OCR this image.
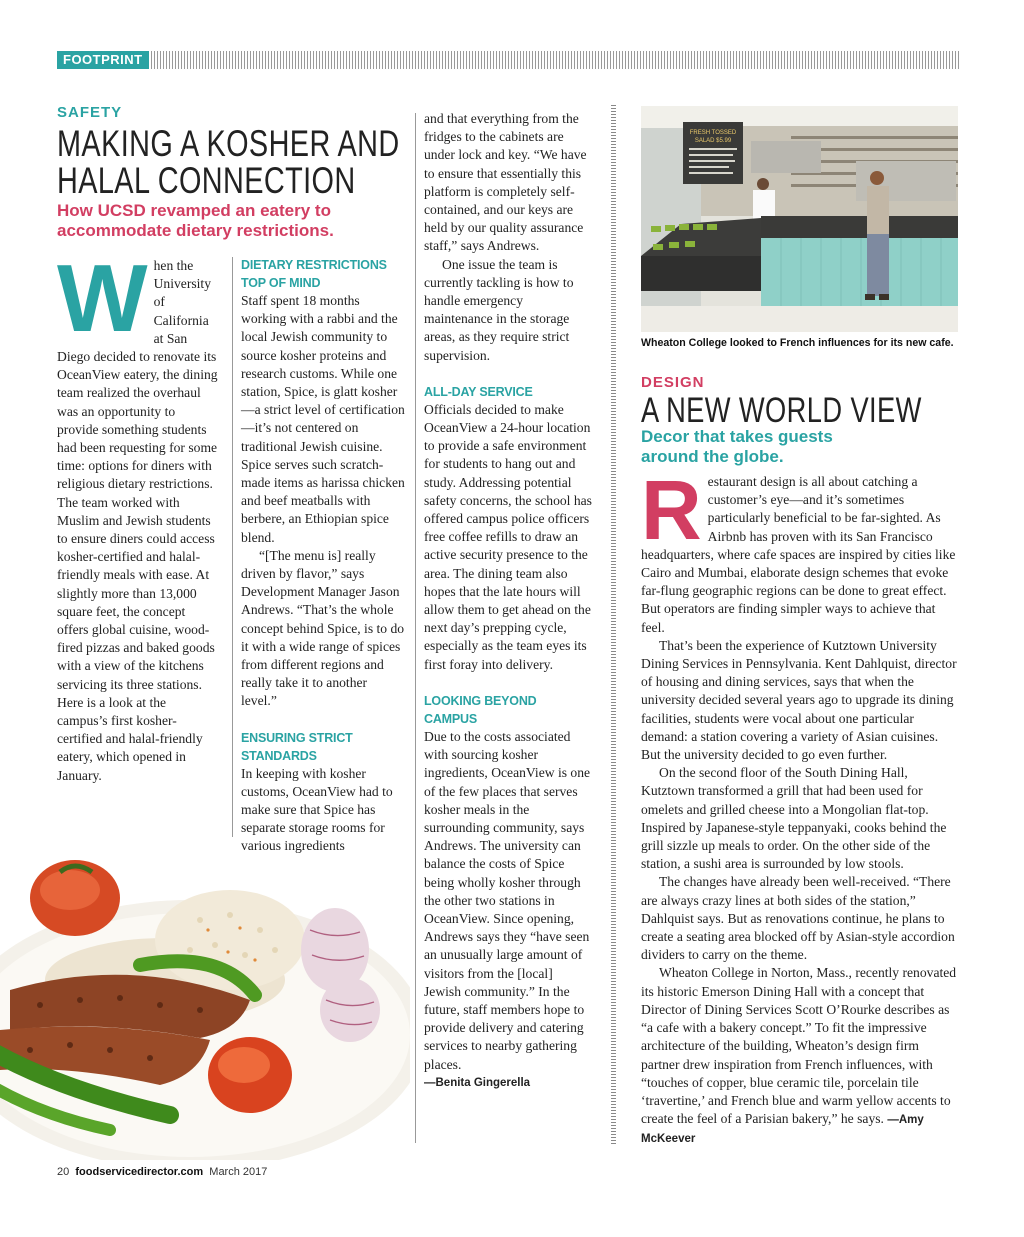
FOOTPRINT
SAFETY
MAKING A KOSHER AND
HALAL CONNECTION
How UCSD revamped an eatery to
accommodate dietary restrictions.

W hen the University of California at San Diego decided to renovate its OceanView eatery, the dining team realized the overhaul was an opportunity to provide something students had been requesting for some time: options for diners with religious dietary restrictions. The team worked with Muslim and Jewish students to ensure diners could access kosher-certified and halal-friendly meals with ease. At slightly more than 13,000 square feet, the concept offers global cuisine, wood-fired pizzas and baked goods with a view of the kitchens servicing its three stations. Here is a look at the campus’s first kosher-certified and halal-friendly eatery, which opened in January.

DIETARY RESTRICTIONS
TOP OF MIND

Staff spent 18 months working with a rabbi and the local Jewish community to source kosher proteins and research customs. While one station, Spice, is glatt kosher—a strict level of certification—it’s not centered on traditional Jewish cuisine. Spice serves such scratch-made items as harissa chicken and beef meatballs with berbere, an Ethiopian spice blend.

“[The menu is] really driven by flavor,” says Development Manager Jason Andrews. “That’s the whole concept behind Spice, is to do it with a wide range of spices from different regions and really take it to another level.”

ENSURING STRICT STANDARDS

In keeping with kosher customs, OceanView had to make sure that Spice has separate storage rooms for various ingredients

and that everything from the fridges to the cabinets are under lock and key. “We have to ensure that essentially this platform is completely self-contained, and our keys are held by our quality assurance staff,” says Andrews.

One issue the team is currently tackling is how to handle emergency maintenance in the storage areas, as they require strict supervision.

ALL-DAY SERVICE

Officials decided to make OceanView a 24-hour location to provide a safe environment for students to hang out and study. Addressing potential safety concerns, the school has offered campus police officers free coffee refills to draw an active security presence to the area. The dining team also hopes that the late hours will allow them to get ahead on the next day’s prepping cycle, especially as the team eyes its first foray into delivery.

LOOKING BEYOND CAMPUS

Due to the costs associated with sourcing kosher ingredients, OceanView is one of the few places that serves kosher meals in the surrounding community, says Andrews. The university can balance the costs of Spice being wholly kosher through the other two stations in OceanView. Since opening, Andrews says they “have seen an unusually large amount of visitors from the [local] Jewish community.” In the future, staff members hope to provide delivery and catering services to nearby gathering places.

—Benita Gingerella
FRESH TOSSED
SALAD $5.99
Wheaton College looked to French influences for its new cafe.
DESIGN
A NEW WORLD VIEW
Decor that takes guests
around the globe.

R estaurant design is all about catching a customer’s eye—and it’s sometimes particularly beneficial to be far-sighted. As Airbnb has proven with its San Francisco headquarters, where cafe spaces are inspired by cities like Cairo and Mumbai, elaborate design schemes that evoke far-flung geographic regions can be done to great effect. But operators are finding simpler ways to achieve that feel.

That’s been the experience of Kutztown University Dining Services in Pennsylvania. Kent Dahlquist, director of housing and dining services, says that when the university decided several years ago to upgrade its dining facilities, students were vocal about one particular demand: a station covering a variety of Asian cuisines. But the university decided to go even further.

On the second floor of the South Dining Hall, Kutztown transformed a grill that had been used for omelets and grilled cheese into a Mongolian flat-top. Inspired by Japanese-style teppanyaki, cooks behind the grill sizzle up meals to order. On the other side of the station, a sushi area is surrounded by low stools.

The changes have already been well-received. “There are always crazy lines at both sides of the station,” Dahlquist says. But as renovations continue, he plans to create a seating area blocked off by Asian-style accordion dividers to carry on the theme.

Wheaton College in Norton, Mass., recently renovated its historic Emerson Dining Hall with a concept that Director of Dining Services Scott O’Rourke describes as “a cafe with a bakery concept.” To fit the impressive architecture of the building, Wheaton’s design firm partner drew inspiration from French influences, with “touches of copper, blue ceramic tile, porcelain tile ‘travertine,’ and French blue and warm yellow accents to create the feel of a Parisian bakery,” he says. —Amy McKeever

20 foodservicedirector.com March 2017
